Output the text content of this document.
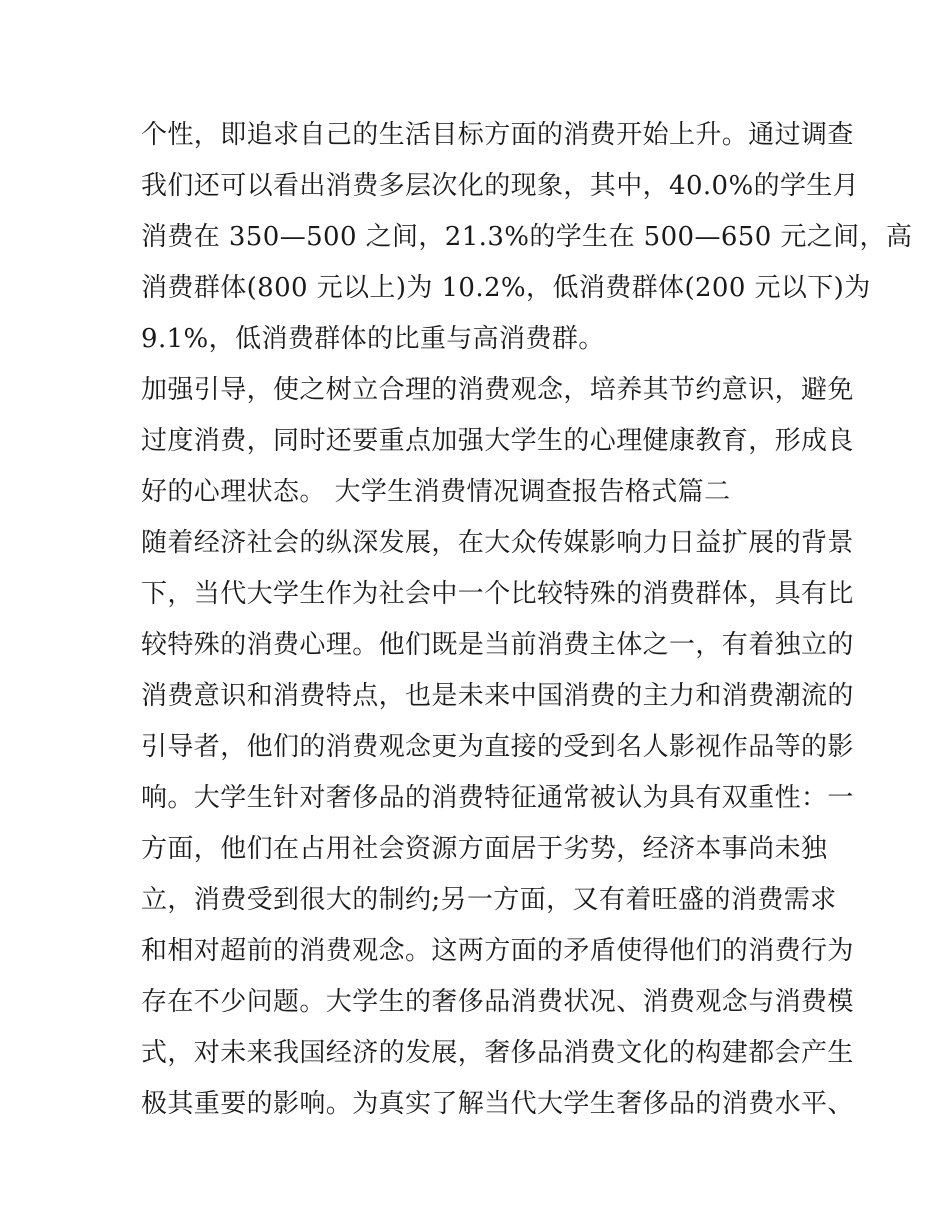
个性，即追求自己的生活目标方面的消费开始上升。通过调查
我们还可以看出消费多层次化的现象，其中，40.0%的学生月
消费在 350—500 之间，21.3%的学生在 500—650 元之间，高
消费群体(800 元以上)为 10.2%，低消费群体(200 元以下)为
9.1%，低消费群体的比重与高消费群。
加强引导，使之树立合理的消费观念，培养其节约意识，避免
过度消费，同时还要重点加强大学生的心理健康教育，形成良
好的心理状态。 大学生消费情况调查报告格式篇二
随着经济社会的纵深发展，在大众传媒影响力日益扩展的背景
下，当代大学生作为社会中一个比较特殊的消费群体，具有比
较特殊的消费心理。他们既是当前消费主体之一，有着独立的
消费意识和消费特点，也是未来中国消费的主力和消费潮流的
引导者，他们的消费观念更为直接的受到名人影视作品等的影
响。大学生针对奢侈品的消费特征通常被认为具有双重性：一
方面，他们在占用社会资源方面居于劣势，经济本事尚未独
立，消费受到很大的制约;另一方面，又有着旺盛的消费需求
和相对超前的消费观念。这两方面的矛盾使得他们的消费行为
存在不少问题。大学生的奢侈品消费状况、消费观念与消费模
式，对未来我国经济的发展，奢侈品消费文化的构建都会产生
极其重要的影响。为真实了解当代大学生奢侈品的消费水平、
